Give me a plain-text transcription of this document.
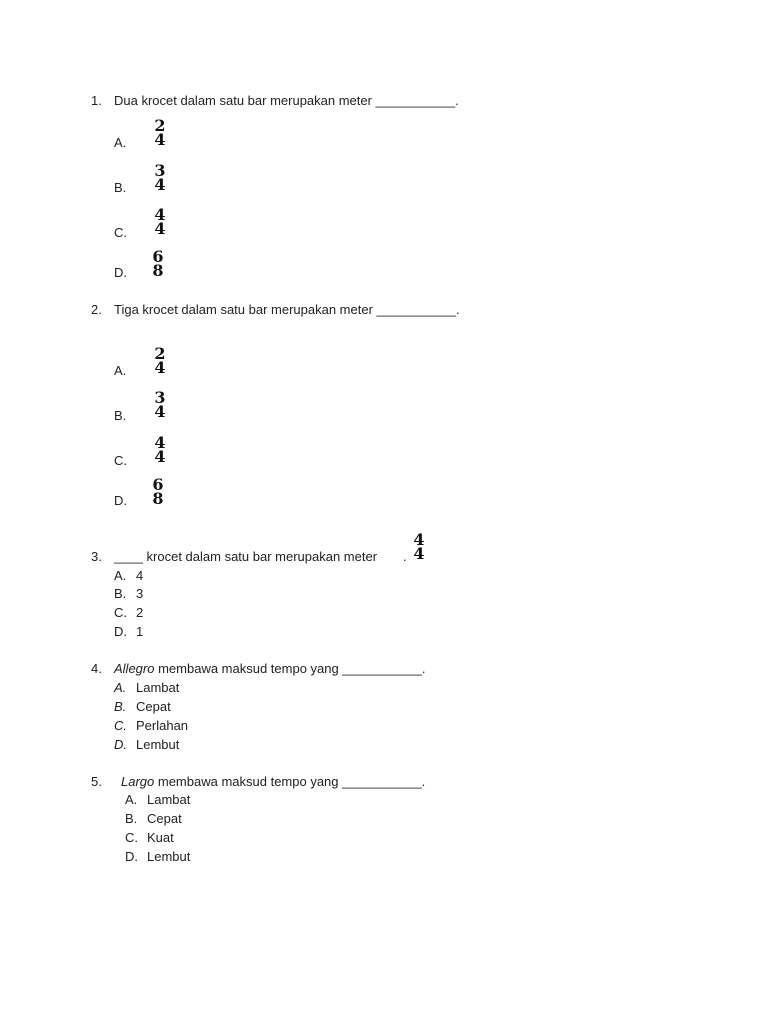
1. Dua krocet dalam satu bar merupakan meter ___________.
A.
2
4
B.
3
4
C.
4
4
D.
6
8
2. Tiga krocet dalam satu bar merupakan meter ___________.
A.
2
4
B.
3
4
C.
4
4
D.
6
8
3. ____ krocet dalam satu bar merupakan meter .
4
4
A. 4
B. 3
C. 2
D. 1
4. Allegro membawa maksud tempo yang ___________.
A. Lambat
B. Cepat
C. Perlahan
D. Lembut
5. Largo membawa maksud tempo yang ___________.
A. Lambat
B. Cepat
C. Kuat
D. Lembut
